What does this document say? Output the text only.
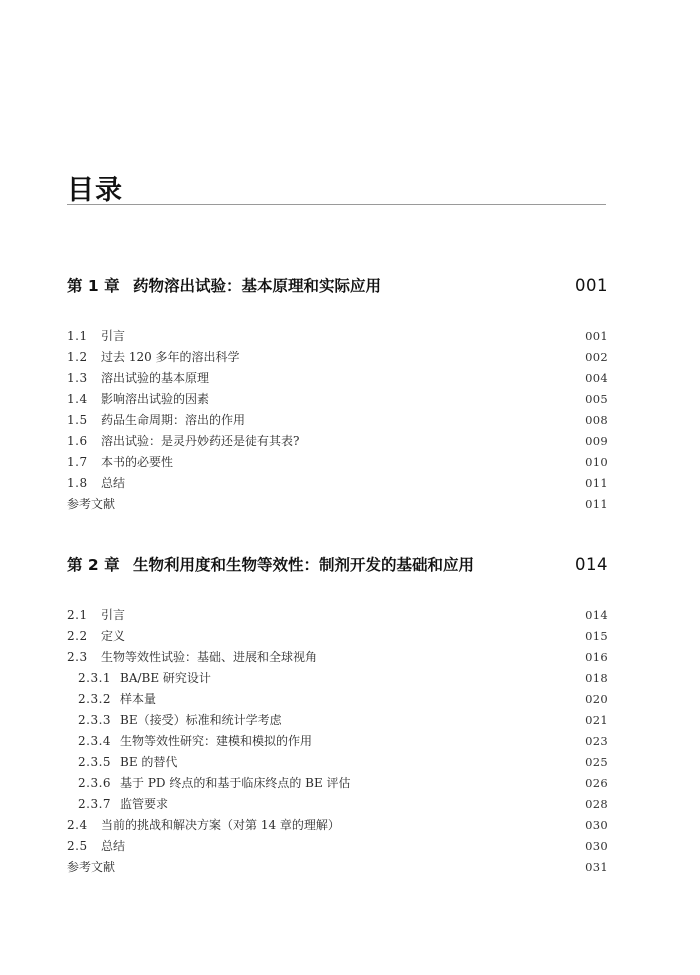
目录
第 1 章 药物溶出试验：基本原理和实际应用	001
1.1	引言	001
1.2	过去 120 多年的溶出科学	002
1.3	溶出试验的基本原理	004
1.4	影响溶出试验的因素	005
1.5	药品生命周期：溶出的作用	008
1.6	溶出试验：是灵丹妙药还是徒有其表?	009
1.7	本书的必要性	010
1.8	总结	011
参考文献	011
第 2 章 生物利用度和生物等效性：制剂开发的基础和应用	014
2.1	引言	014
2.2	定义	015
2.3	生物等效性试验：基础、进展和全球视角	016
2.3.1 BA/BE 研究设计	018
2.3.2 样本量	020
2.3.3 BE（接受）标准和统计学考虑	021
2.3.4 生物等效性研究：建模和模拟的作用	023
2.3.5 BE 的替代	025
2.3.6 基于 PD 终点的和基于临床终点的 BE 评估	026
2.3.7 监管要求	028
2.4	当前的挑战和解决方案（对第 14 章的理解）	030
2.5	总结	030
参考文献	031
